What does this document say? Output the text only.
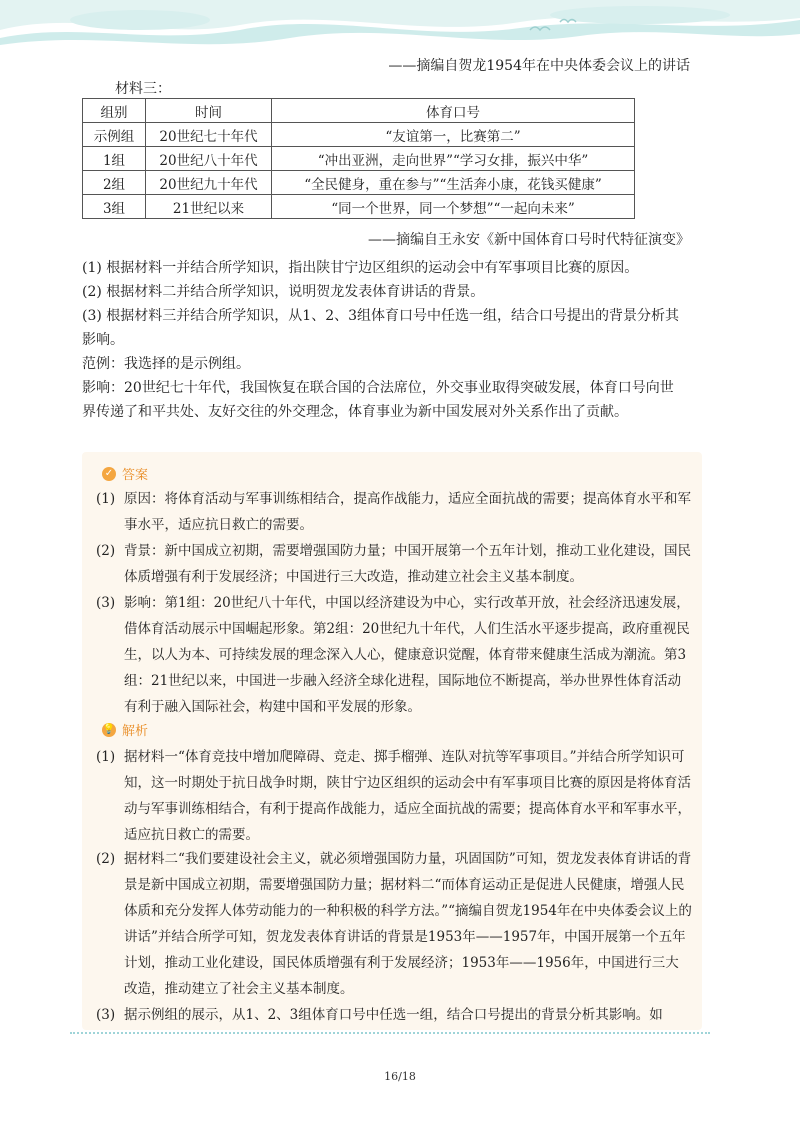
——摘编自贺龙1954年在中央体委会议上的讲话
材料三：
组别	时间	体育口号
示例组	20世纪七十年代	“友谊第一，比赛第二”
1组	20世纪八十年代	“冲出亚洲，走向世界”“学习女排，振兴中华”
2组	20世纪九十年代	“全民健身，重在参与”“生活奔小康，花钱买健康”
3组	21世纪以来	“同一个世界，同一个梦想”“一起向未来”
——摘编自王永安《新中国体育口号时代特征演变》

(1) 根据材料一并结合所学知识，指出陕甘宁边区组织的运动会中有军事项目比赛的原因。

(2) 根据材料二并结合所学知识，说明贺龙发表体育讲话的背景。

(3) 根据材料三并结合所学知识，从1、2、3组体育口号中任选一组，结合口号提出的背景分析其

影响。

范例：我选择的是示例组。

影响：20世纪七十年代，我国恢复在联合国的合法席位，外交事业取得突破发展，体育口号向世

界传递了和平共处、友好交往的外交理念，体育事业为新中国发展对外关系作出了贡献。

✓ 答案
(1) 原因：将体育活动与军事训练相结合，提高作战能力，适应全面抗战的需要；提高体育水平和军事水平，适应抗日救亡的需要。
(2) 背景：新中国成立初期，需要增强国防力量；中国开展第一个五年计划，推动工业化建设，国民体质增强有利于发展经济；中国进行三大改造，推动建立社会主义基本制度。
(3) 影响：第1组：20世纪八十年代，中国以经济建设为中心，实行改革开放，社会经济迅速发展，借体育活动展示中国崛起形象。第2组：20世纪九十年代，人们生活水平逐步提高，政府重视民生，以人为本、可持续发展的理念深入人心，健康意识觉醒，体育带来健康生活成为潮流。第3组：21世纪以来，中国进一步融入经济全球化进程，国际地位不断提高，举办世界性体育活动有利于融入国际社会，构建中国和平发展的形象。
💡 解析
(1) 据材料一“体育竞技中增加爬障碍、竞走、掷手榴弹、连队对抗等军事项目。”并结合所学知识可知，这一时期处于抗日战争时期，陕甘宁边区组织的运动会中有军事项目比赛的原因是将体育活动与军事训练相结合，有利于提高作战能力，适应全面抗战的需要；提高体育水平和军事水平，适应抗日救亡的需要。
(2) 据材料二“我们要建设社会主义，就必须增强国防力量，巩固国防”可知，贺龙发表体育讲话的背景是新中国成立初期，需要增强国防力量；据材料二“而体育运动正是促进人民健康，增强人民体质和充分发挥人体劳动能力的一种积极的科学方法。”“摘编自贺龙1954年在中央体委会议上的讲话”并结合所学可知，贺龙发表体育讲话的背景是1953年——1957年，中国开展第一个五年计划，推动工业化建设，国民体质增强有利于发展经济；1953年——1956年，中国进行三大改造，推动建立了社会主义基本制度。
(3) 据示例组的展示，从1、2、3组体育口号中任选一组，结合口号提出的背景分析其影响。如
16/18
